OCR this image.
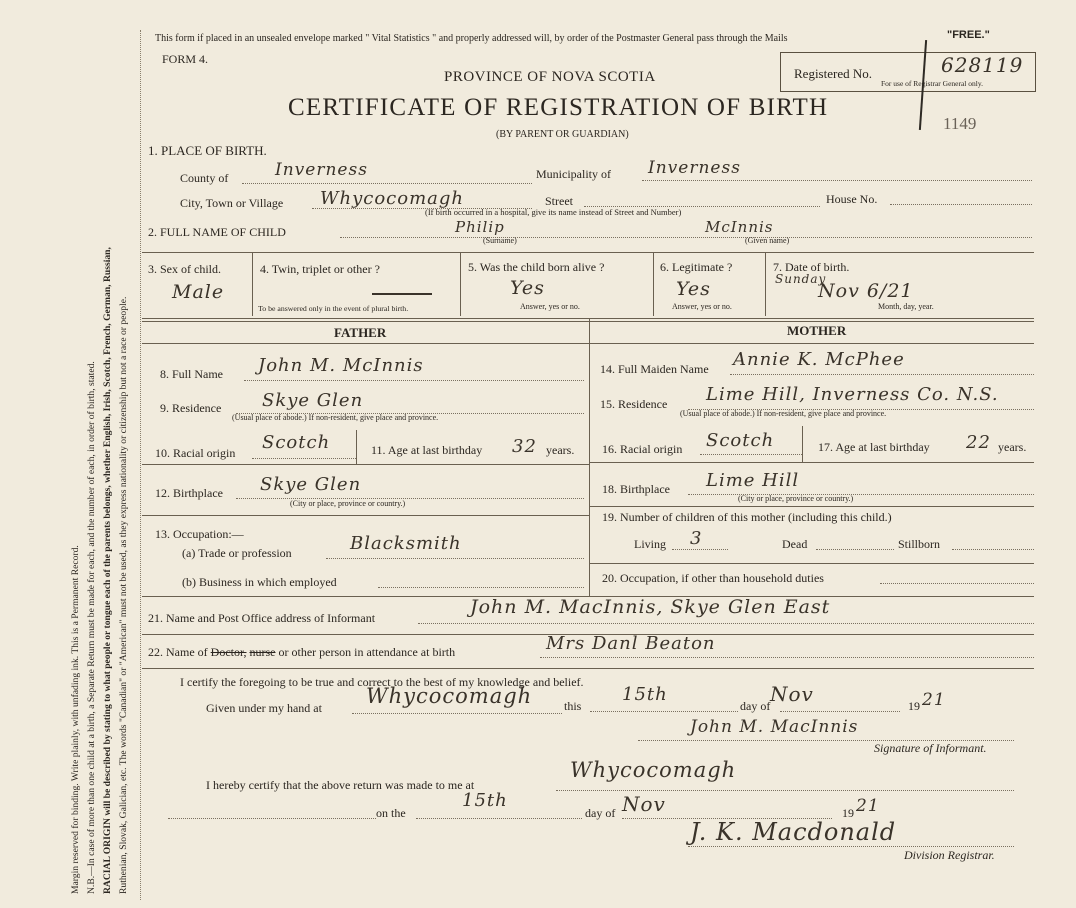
Margin reserved for binding. Write plainly, with unfading ink. This is a Permanent Record. N.B.—In case of more than one child at a birth, a Separate Return must be made for each, and the number of each, in order of birth, stated. RACIAL ORIGIN will be described by stating to what people or tongue each of the parents belongs, whether English, Irish, Scotch, French, German, Russian, Ruthenian, Slovak, Galician, etc. The words "Canadian" or "American" must not be used, as they express nationality or citizenship but not a race or people.
This form if placed in an unsealed envelope marked " Vital Statistics " and properly addressed will, by order of the Postmaster General pass through the Mails	"FREE."
FORM 4.
PROVINCE OF NOVA SCOTIA
CERTIFICATE OF REGISTRATION OF BIRTH
(BY PARENT OR GUARDIAN)
Registered No.	628119
For use of Registrar General only.
1149
1. PLACE OF BIRTH.
County of	Inverness	Municipality of Inverness
City, Town or Village Whycocomagh	Street	House No.
(If birth occurred in a hospital, give its name instead of Street and Number)
2. FULL NAME OF CHILD	Philip
(Surname)
McInnis
(Given name)
3. Sex of child.
Male
4. Twin, triplet or other ?
To be answered only in the event of plural birth.
5. Was the child born alive ?
Yes
Answer, yes or no.
6. Legitimate ?
Yes
Answer, yes or no.
7. Date of birth.
Sunday
Nov 6/21
Month, day, year.
FATHER	MOTHER
8. Full Name John M. McInnis
9. Residence Skye Glen
(Usual place of abode.) If non-resident, give place and province.
10. Racial origin Scotch	11. Age at last birthday 32 years.
12. Birthplace Skye Glen
(City or place, province or country.)
13. Occupation:—
(a) Trade or profession	Blacksmith
(b) Business in which employed
14. Full Maiden Name Annie K. McPhee
15. Residence Lime Hill, Inverness Co. N.S.
(Usual place of abode.) If non-resident, give place and province.
16. Racial origin Scotch	17. Age at last birthday 22 years.
18. Birthplace Lime Hill
(City or place, province or country.)
19. Number of children of this mother (including this child.)
Living 3	Dead	Stillborn
20. Occupation, if other than household duties
21. Name and Post Office address of Informant	John M. MacInnis, Skye Glen East
22. Name of Doctor, nurse or other person in attendance at birth	Mrs Danl Beaton
I certify the foregoing to be true and correct to the best of my knowledge and belief.
Given under my hand at Whycocomagh	this
15th
day of Nov	19 21
John M. MacInnis
Signature of Informant.
I hereby certify that the above return was made to me at
Whycocomagh
on the
15th
day of Nov	19 21
J. K. Macdonald
Division Registrar.
